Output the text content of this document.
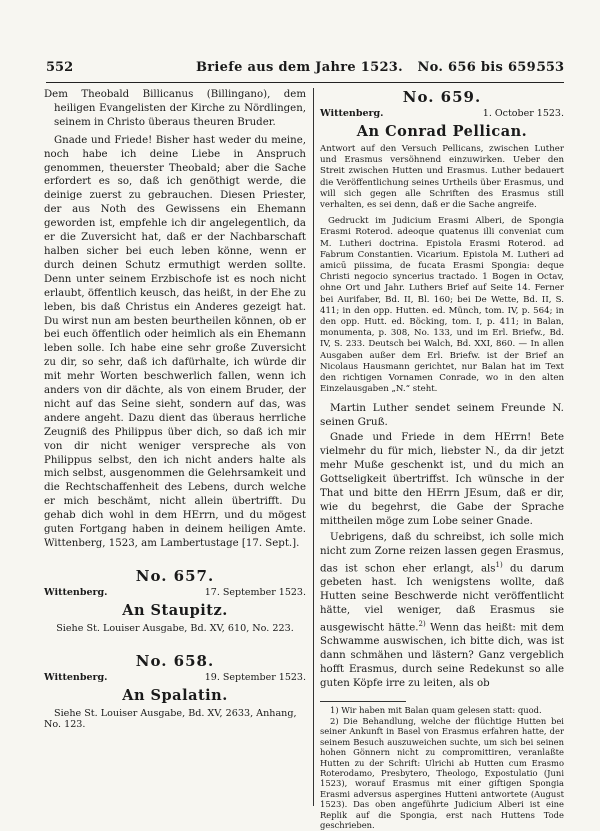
552	Briefe aus dem Jahre 1523.   No. 656 bis 659.
553

Dem Theobald Billicanus (Billingano), dem heiligen Evangelisten der Kirche zu Nördlingen, seinem in Christo überaus theuren Bruder.

Gnade und Friede! Bisher hast weder du meine, noch habe ich deine Liebe in Anspruch genommen, theuerster Theobald; aber die Sache erfordert es so, daß ich genöthigt werde, die deinige zuerst zu gebrauchen. Diesen Priester, der aus Noth des Gewissens ein Ehemann geworden ist, empfehle ich dir angelegentlich, da er die Zuversicht hat, daß er der Nachbarschaft halben sicher bei euch leben könne, wenn er durch deinen Schutz ermuthigt werden sollte. Denn unter seinem Erzbischofe ist es noch nicht erlaubt, öffentlich keusch, das heißt, in der Ehe zu leben, bis daß Christus ein Anderes gezeigt hat. Du wirst nun am besten beurtheilen können, ob er bei euch öffentlich oder heimlich als ein Ehemann leben solle. Ich habe eine sehr große Zuversicht zu dir, so sehr, daß ich dafürhalte, ich würde dir mit mehr Worten beschwerlich fallen, wenn ich anders von dir dächte, als von einem Bruder, der nicht auf das Seine sieht, sondern auf das, was andere angeht. Dazu dient das überaus herrliche Zeugniß des Philippus über dich, so daß ich mir von dir nicht weniger verspreche als von Philippus selbst, den ich nicht anders halte als mich selbst, ausgenommen die Gelehrsamkeit und die Rechtschaffenheit des Lebens, durch welche er mich beschämt, nicht allein übertrifft. Du gehab dich wohl in dem HErrn, und du mögest guten Fortgang haben in deinem heiligen Amte. Wittenberg, 1523, am Lambertustage [17. Sept.].

No. 657.

Wittenberg.	17. September 1523.

An Staupitz.

Siehe St. Louiser Ausgabe, Bd. XV, 610, No. 223.

No. 658.

Wittenberg.	19. September 1523.

An Spalatin.

Siehe St. Louiser Ausgabe, Bd. XV, 2633, Anhang, No. 123.

No. 659.

Wittenberg.	1. October 1523.

An Conrad Pellican.

Antwort auf den Versuch Pellicans, zwischen Luther und Erasmus versöhnend einzuwirken. Ueber den Streit zwischen Hutten und Erasmus. Luther bedauert die Veröffentlichung seines Urtheils über Erasmus, und will sich gegen alle Schriften des Erasmus still verhalten, es sei denn, daß er die Sache angreife.

Gedruckt im Judicium Erasmi Alberi, de Spongia Erasmi Roterod. adeoque quatenus illi conveniat cum M. Lutheri doctrina. Epistola Erasmi Roterod. ad Fabrum Constantien. Vicarium. Epistola M. Lutheri ad amicū piissima, de fucata Erasmi Spongia: deque Christi negocio syncerius tractado. 1 Bogen in Octav, ohne Ort und Jahr. Luthers Brief auf Seite 14. Ferner bei Aurifaber, Bd. II, Bl. 160; bei De Wette, Bd. II, S. 411; in den opp. Hutten. ed. Münch, tom. IV, p. 564; in den opp. Hutt. ed. Böcking, tom. I, p. 411; in Balan, monumenta, p. 308, No. 133, und im Erl. Briefw., Bd. IV, S. 233. Deutsch bei Walch, Bd. XXI, 860. — In allen Ausgaben außer dem Erl. Briefw. ist der Brief an Nicolaus Hausmann gerichtet, nur Balan hat im Text den richtigen Vornamen Conrade, wo in den alten Einzelausgaben „N.“ steht.

Martin Luther sendet seinem Freunde N. seinen Gruß.

Gnade und Friede in dem HErrn! Bete vielmehr du für mich, liebster N., da dir jetzt mehr Muße geschenkt ist, und du mich an Gottseligkeit übertriffst. Ich wünsche in der That und bitte den HErrn JEsum, daß er dir, wie du begehrst, die Gabe der Sprache mittheilen möge zum Lobe seiner Gnade.

Uebrigens, daß du schreibst, ich solle mich nicht zum Zorne reizen lassen gegen Erasmus, das ist schon eher erlangt, als$^{1)}$ du darum gebeten hast. Ich wenigstens wollte, daß Hutten seine Beschwerde nicht veröffentlicht hätte, viel weniger, daß Erasmus sie ausgewischt hätte.$^{2)}$ Wenn das heißt: mit dem Schwamme auswischen, ich bitte dich, was ist dann schmähen und lästern? Ganz vergeblich hofft Erasmus, durch seine Redekunst so alle guten Köpfe irre zu leiten, als ob

1) Wir haben mit Balan quam gelesen statt: quod.

2) Die Behandlung, welche der flüchtige Hutten bei seiner Ankunft in Basel von Erasmus erfahren hatte, der seinem Besuch auszuweichen suchte, um sich bei seinen hohen Gönnern nicht zu compromittiren, veranlaßte Hutten zu der Schrift: Ulrichi ab Hutten cum Erasmo Roterodamo, Presbytero, Theologo, Expostulatio (Juni 1523), worauf Erasmus mit einer giftigen Spongia Erasmi adversus aspergines Hutteni antwortete (August 1523). Das oben angeführte Judicium Alberi ist eine Replik auf die Spongia, erst nach Huttens Tode geschrieben.
